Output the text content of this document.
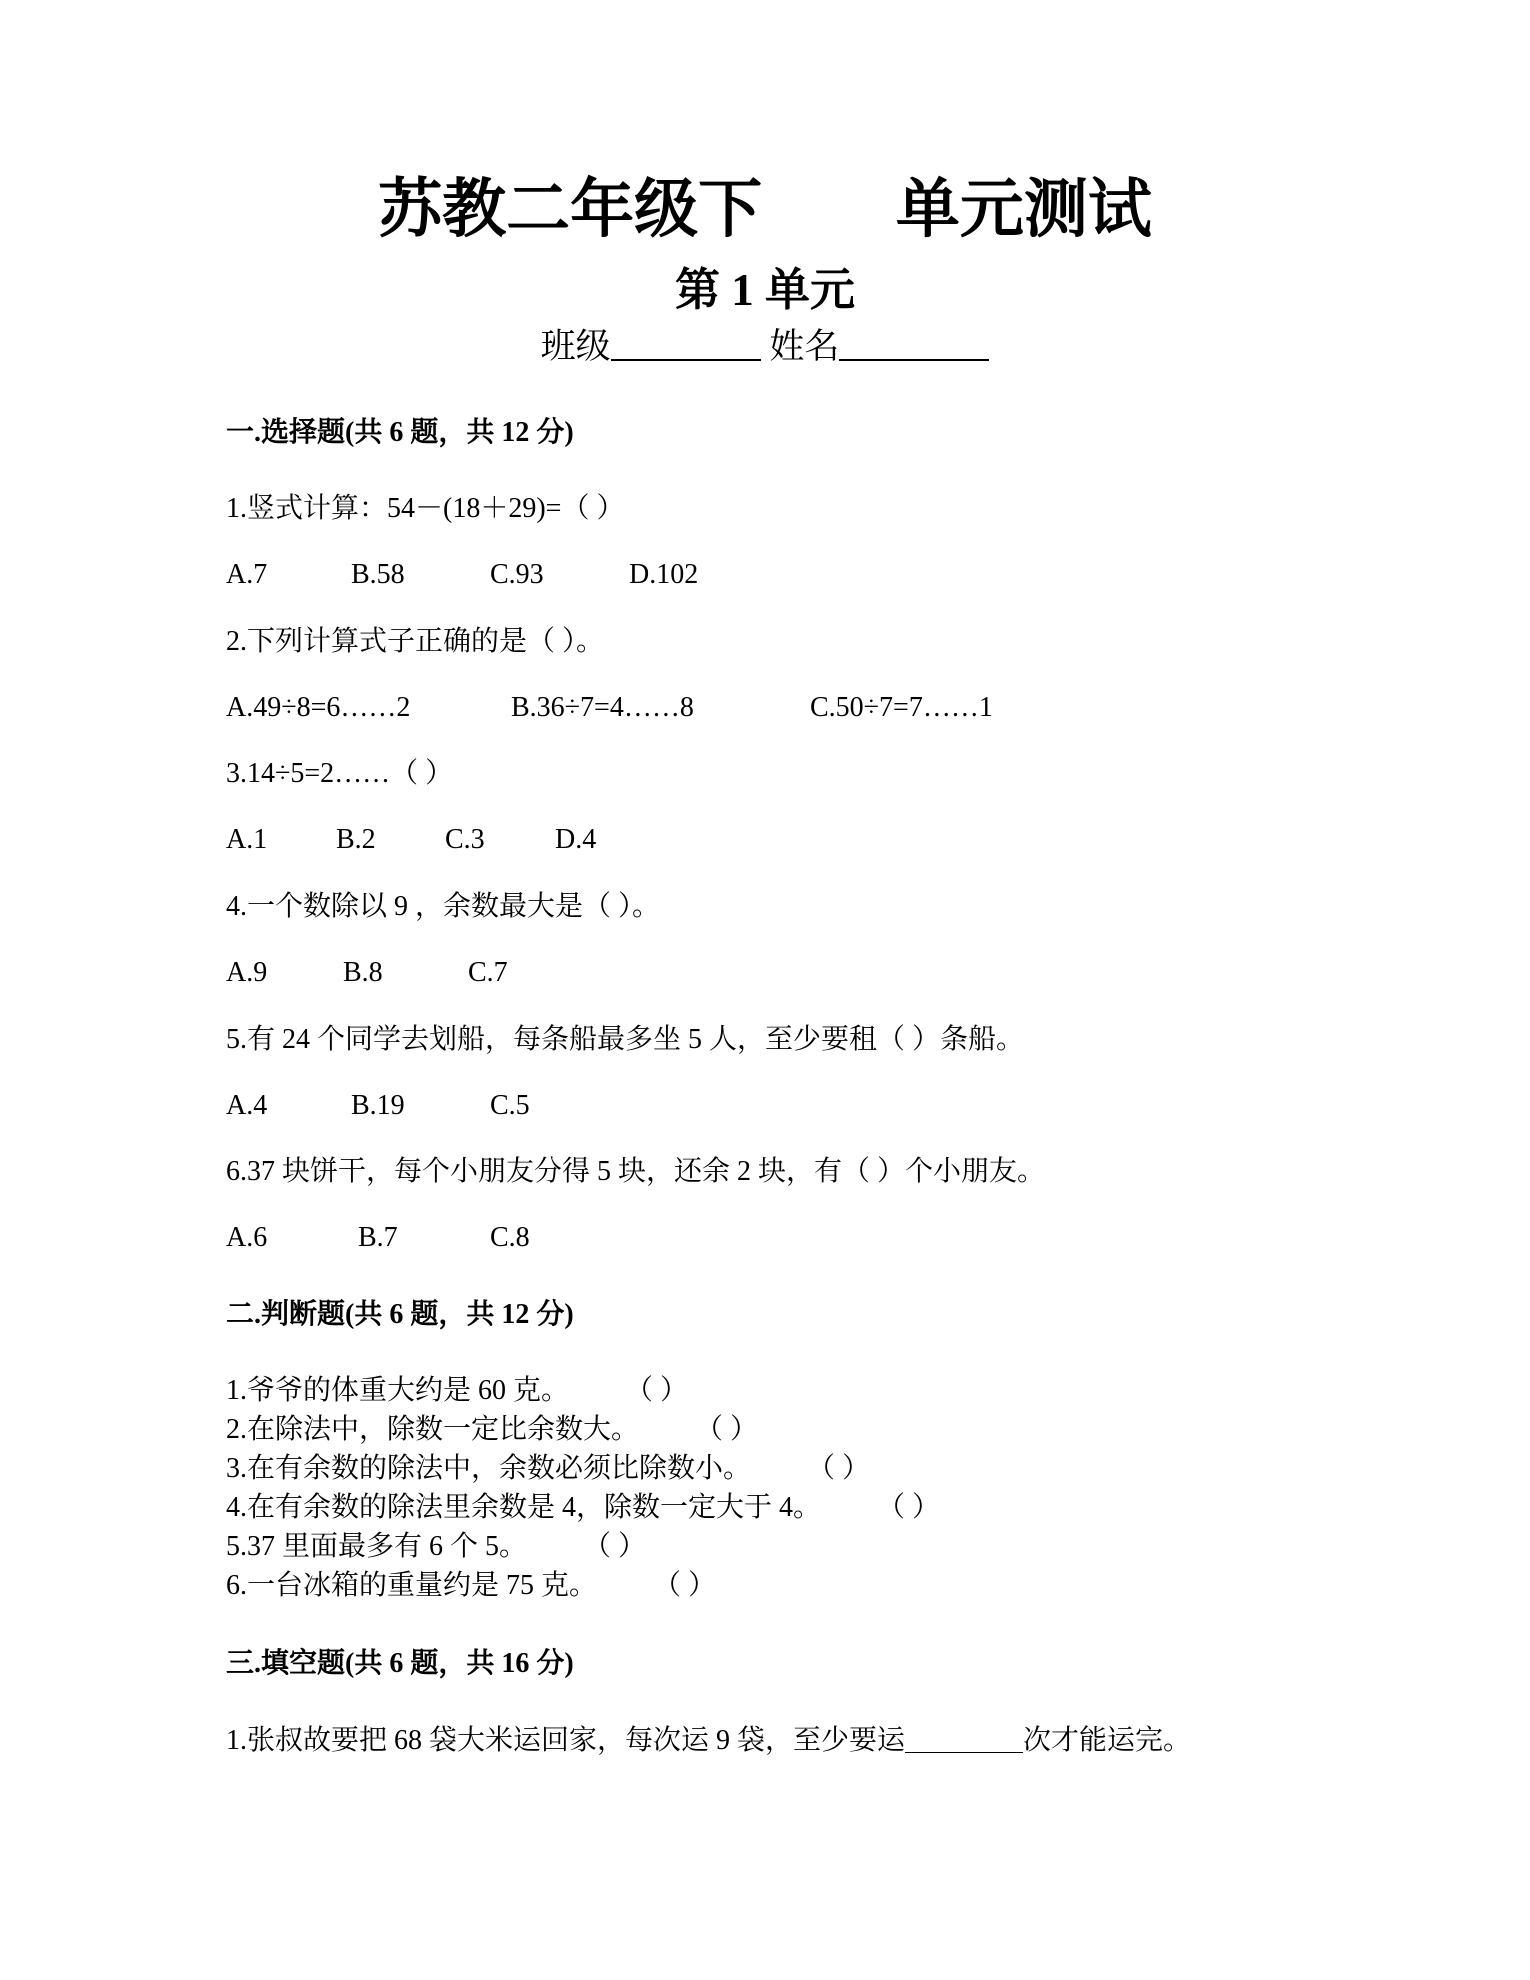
苏教二年级下      单元测试
第 1 单元
班级	姓名
一.选择题(共 6 题，共 12 分)
1.竖式计算：54－(18＋29)=（ ）
A.7	B.58	C.93	D.102
2.下列计算式子正确的是（ ）。
A.49÷8=6……2	B.36÷7=4……8	C.50÷7=7……1
3.14÷5=2……（ ）
A.1 B.2 C.3	D.4
4.一个数除以 9 ，余数最大是（ ）。
A.9	B.8	C.7
5.有 24 个同学去划船，每条船最多坐 5 人，至少要租（ ）条船。
A.4	B.19	C.5
6.37 块饼干，每个小朋友分得 5 块，还余 2 块，有（ ）个小朋友。
A.6	B.7	C.8
二.判断题(共 6 题，共 12 分)
1.爷爷的体重大约是 60 克。	（ ）
2.在除法中，除数一定比余数大。	（ ）
3.在有余数的除法中，余数必须比除数小。	（ ）
4.在有余数的除法里余数是 4，除数一定大于 4。	（ ）
5.37 里面最多有 6 个 5。	（ ）
6.一台冰箱的重量约是 75 克。	（ ）
三.填空题(共 6 题，共 16 分)
1.张叔故要把 68 袋大米运回家，每次运 9 袋，至少要运	次才能运完。
